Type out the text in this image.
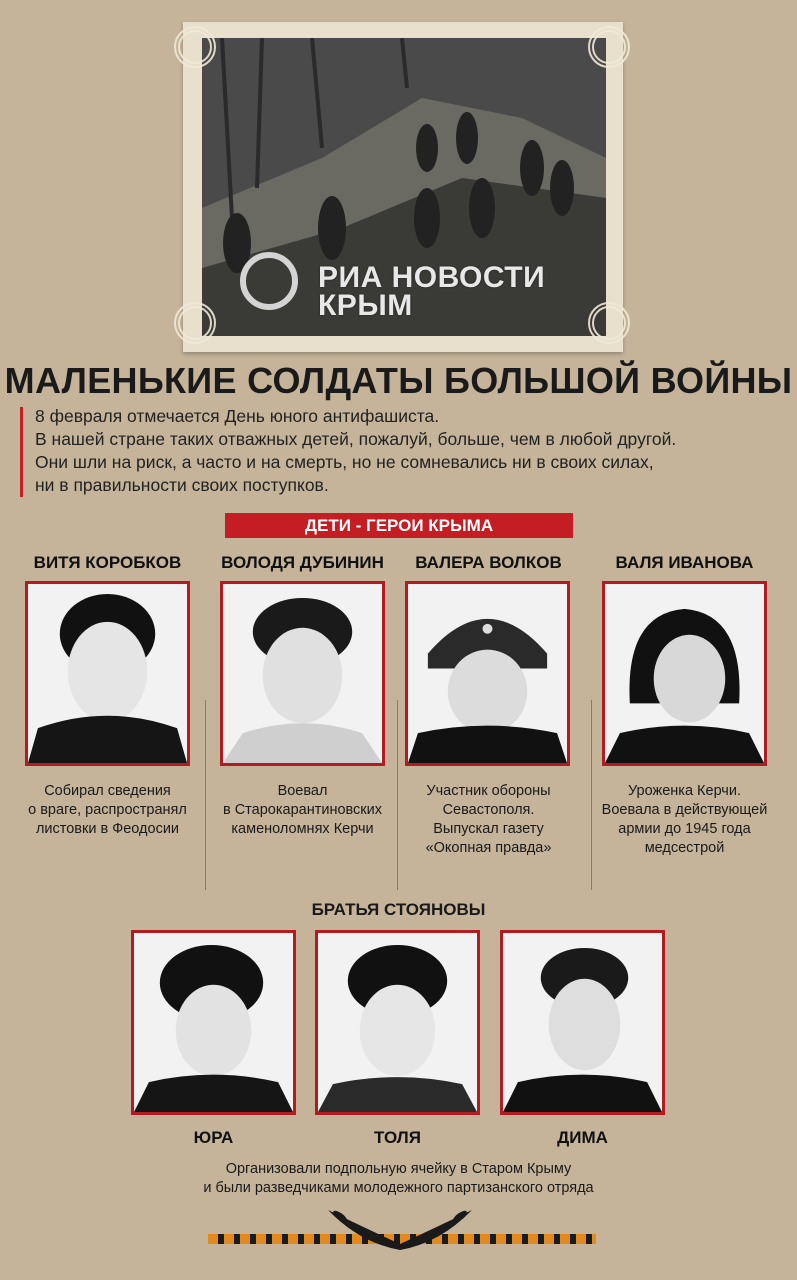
РИА НОВОСТИ
КРЫМ
МАЛЕНЬКИЕ СОЛДАТЫ БОЛЬШОЙ ВОЙНЫ
8 февраля отмечается День юного антифашиста.
В нашей стране таких отважных детей, пожалуй, больше, чем в любой другой.
Они шли на риск, а часто и на смерть, но не сомневались ни в своих силах,
ни в правильности своих поступков.
ДЕТИ - ГЕРОИ КРЫМА
ВИТЯ КОРОБКОВ	ВОЛОДЯ ДУБИНИН	ВАЛЕРА ВОЛКОВ	ВАЛЯ ИВАНОВА
Собирал сведения
о враге, распространял
листовки в Феодосии
Воевал
в Старокарантиновских
каменоломнях Керчи
Участник обороны
Севастополя.
Выпускал газету
«Окопная правда»
Уроженка Керчи.
Воевала в действующей
армии до 1945 года
медсестрой
БРАТЬЯ СТОЯНОВЫ
ЮРА	ТОЛЯ	ДИМА
Организовали подпольную ячейку в Старом Крыму
и были разведчиками молодежного партизанского отряда
